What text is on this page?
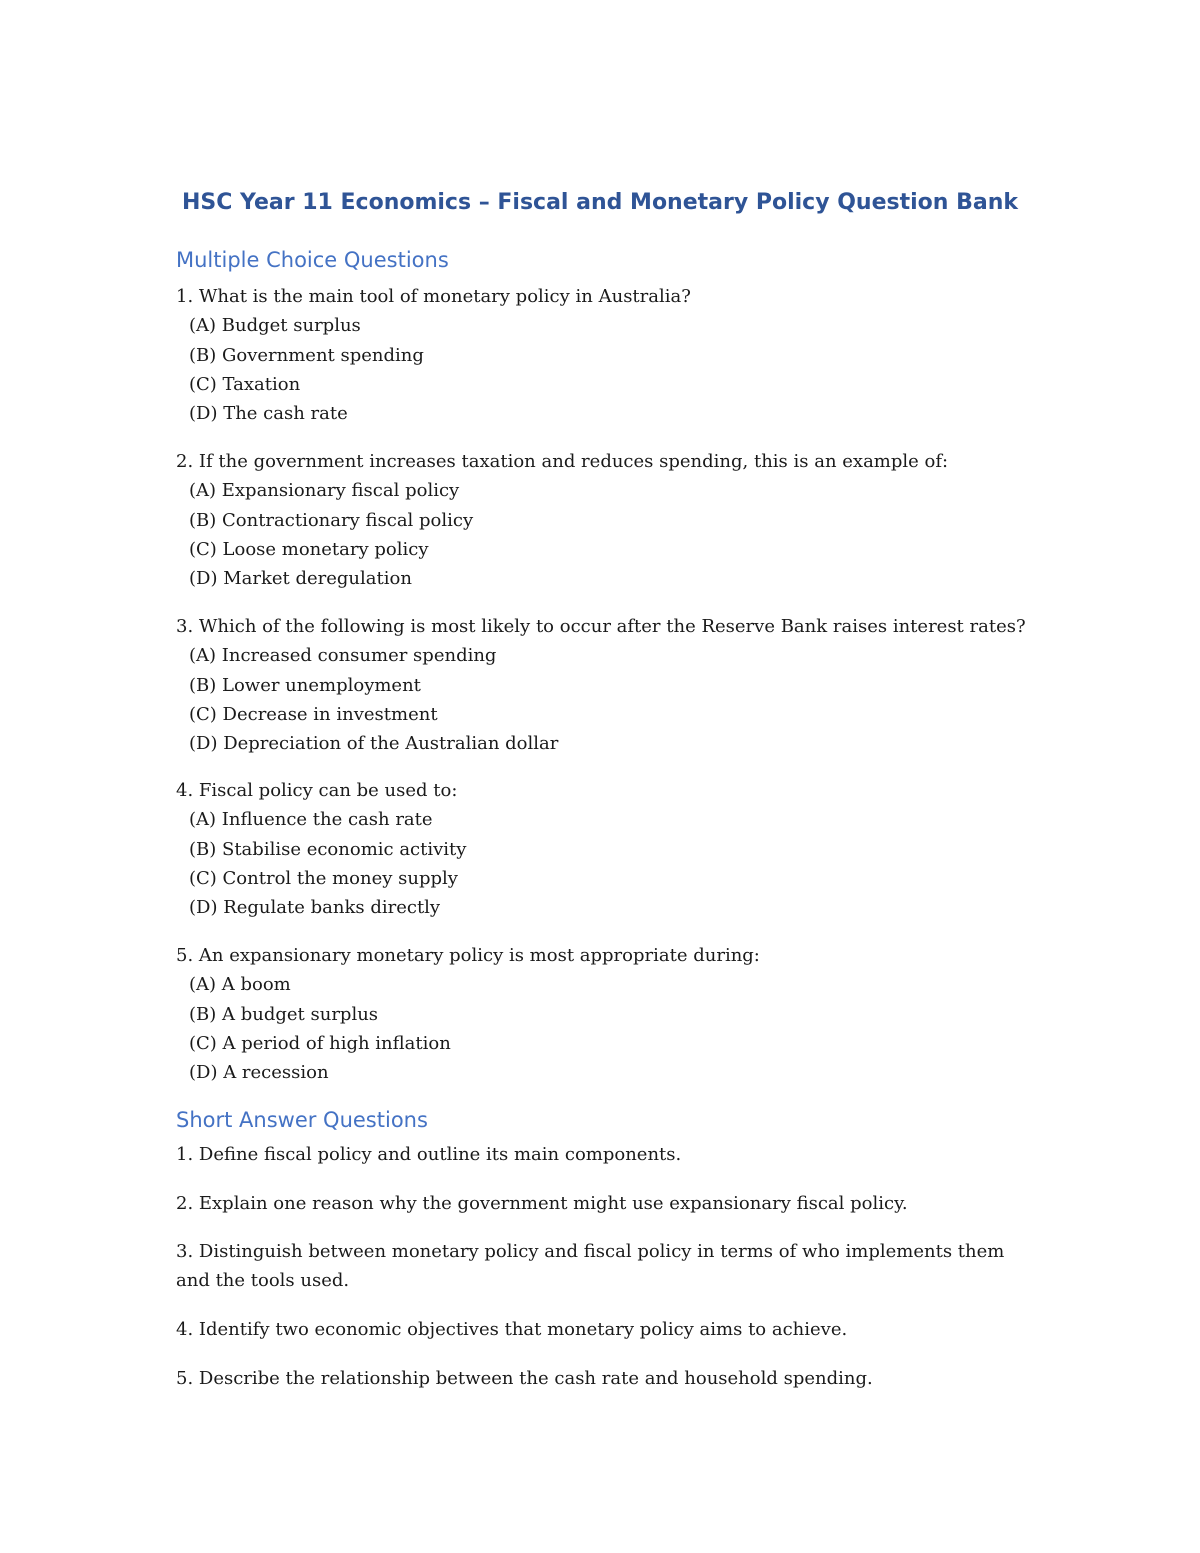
HSC Year 11 Economics – Fiscal and Monetary Policy Question Bank
Multiple Choice Questions

1. What is the main tool of monetary policy in Australia?

(A) Budget surplus

(B) Government spending

(C) Taxation

(D) The cash rate

2. If the government increases taxation and reduces spending, this is an example of:

(A) Expansionary fiscal policy

(B) Contractionary fiscal policy

(C) Loose monetary policy

(D) Market deregulation

3. Which of the following is most likely to occur after the Reserve Bank raises interest rates?

(A) Increased consumer spending

(B) Lower unemployment

(C) Decrease in investment

(D) Depreciation of the Australian dollar

4. Fiscal policy can be used to:

(A) Influence the cash rate

(B) Stabilise economic activity

(C) Control the money supply

(D) Regulate banks directly

5. An expansionary monetary policy is most appropriate during:

(A) A boom

(B) A budget surplus

(C) A period of high inflation

(D) A recession

Short Answer Questions

1. Define fiscal policy and outline its main components.

2. Explain one reason why the government might use expansionary fiscal policy.

3. Distinguish between monetary policy and fiscal policy in terms of who implements them and the tools used.

4. Identify two economic objectives that monetary policy aims to achieve.

5. Describe the relationship between the cash rate and household spending.
